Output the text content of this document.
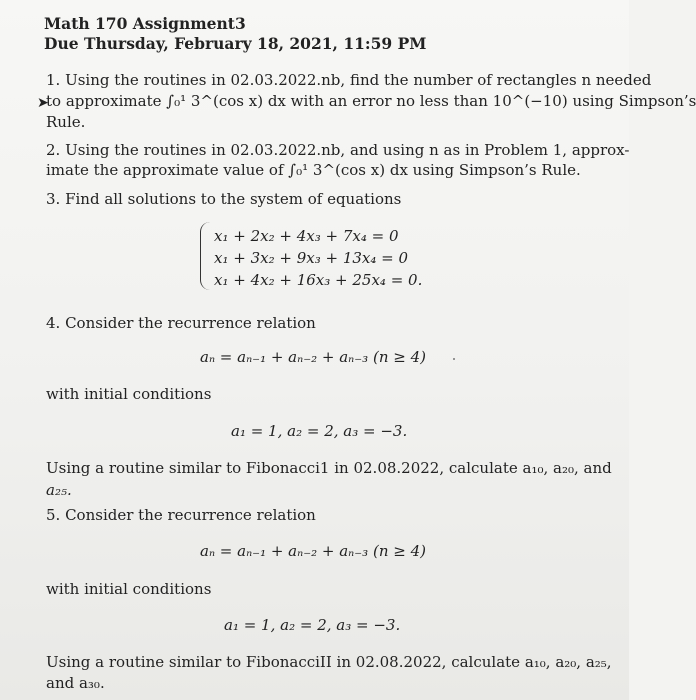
Math 170 Assignment3
Due Thursday, February 18, 2021, 11:59 PM
➤
1. Using the routines in 02.03.2022.nb, find the number of rectangles n needed
to approximate ∫₀¹ 3^(cos x) dx with an error no less than 10^(−10) using Simpson’s
Rule.
2. Using the routines in 02.03.2022.nb, and using n as in Problem 1, approx-
imate the approximate value of ∫₀¹ 3^(cos x) dx using Simpson’s Rule.
3. Find all solutions to the system of equations
x₁ + 2x₂ + 4x₃ + 7x₄ = 0
x₁ + 3x₂ + 9x₃ + 13x₄ = 0
x₁ + 4x₂ + 16x₃ + 25x₄ = 0.
4. Consider the recurrence relation
aₙ = aₙ₋₁ + aₙ₋₂ + aₙ₋₃ (n ≥ 4)
with initial conditions
a₁ = 1, a₂ = 2, a₃ = −3.
Using a routine similar to Fibonacci1 in 02.08.2022, calculate a₁₀, a₂₀, and
a₂₅.
5. Consider the recurrence relation
aₙ = aₙ₋₁ + aₙ₋₂ + aₙ₋₃ (n ≥ 4)
with initial conditions
a₁ = 1, a₂ = 2, a₃ = −3.
Using a routine similar to FibonacciII in 02.08.2022, calculate a₁₀, a₂₀, a₂₅,
and a₃₀.
